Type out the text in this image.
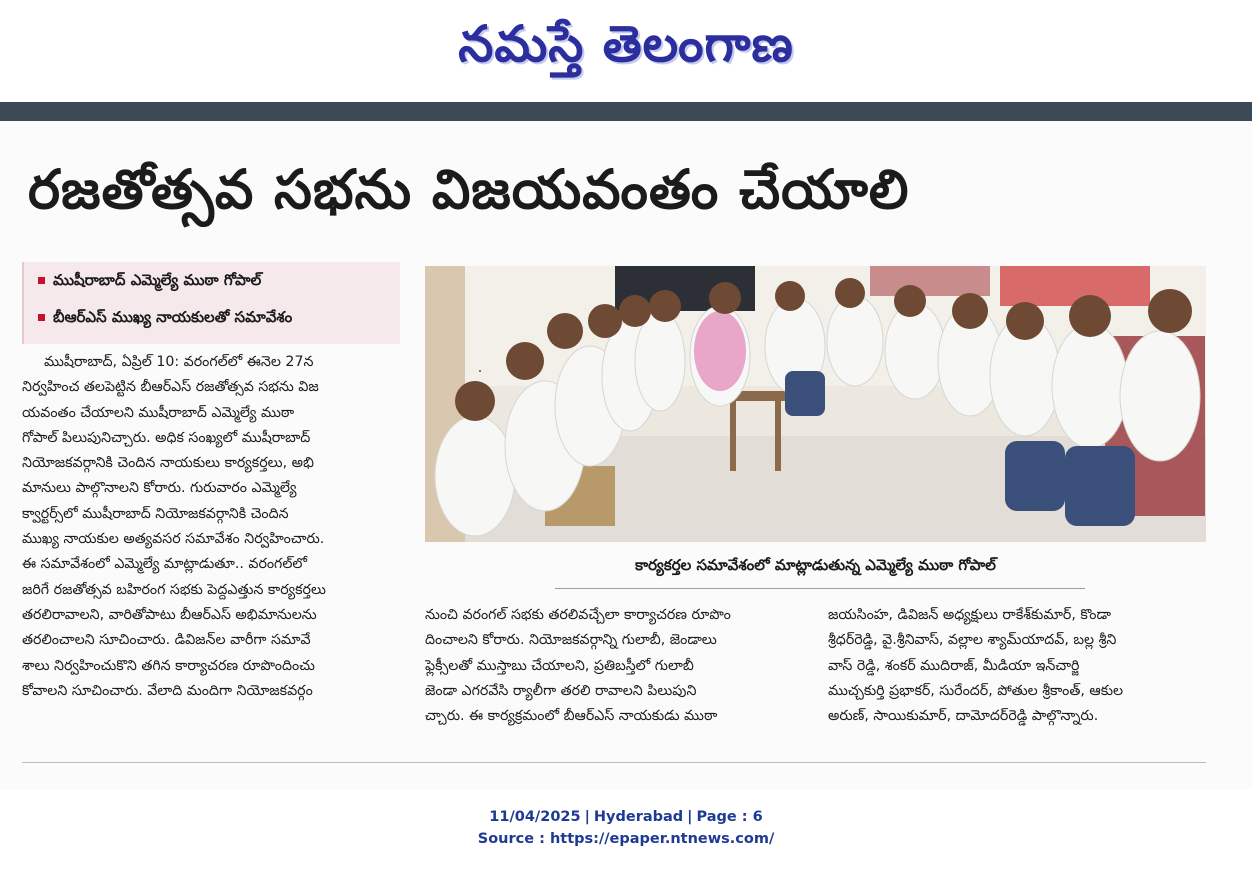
నమస్తే తెలంగాణ
రజతోత్సవ సభను విజయవంతం చేయాలి
ముషీరాబాద్ ఎమ్మెల్యే ముఠా గోపాల్
బీఆర్‌ఎస్ ముఖ్య నాయకులతో సమావేశం
ముషీరాబాద్, ఏప్రిల్ 10: వరంగల్‌లో ఈనెల 27న
నిర్వహించ తలపెట్టిన బీఆర్‌ఎస్ రజతోత్సవ సభను విజ
యవంతం చేయాలని ముషీరాబాద్ ఎమ్మెల్యే ముఠా
గోపాల్ పిలుపునిచ్చారు. అధిక సంఖ్యలో ముషీరాబాద్
నియోజకవర్గానికి చెందిన నాయకులు కార్యకర్తలు, అభి
మానులు పాల్గొనాలని కోరారు. గురువారం ఎమ్మెల్యే
క్వార్టర్స్‌లో ముషీరాబాద్ నియోజకవర్గానికి చెందిన
ముఖ్య నాయకుల అత్యవసర సమావేశం నిర్వహించారు.
ఈ సమావేశంలో ఎమ్మెల్యే మాట్లాడుతూ.. వరంగల్‌లో
జరిగే రజతోత్సవ బహిరంగ సభకు పెద్దఎత్తున కార్యకర్తలు
తరలిరావాలని, వారితోపాటు బీఆర్‌ఎస్ అభిమానులను
తరలించాలని సూచించారు. డివిజన్‌ల వారీగా సమావే
శాలు నిర్వహించుకొని తగిన కార్యాచరణ రూపొందించు
కోవాలని సూచించారు. వేలాది మందిగా నియోజకవర్గం
కార్యకర్తల సమావేశంలో మాట్లాడుతున్న ఎమ్మెల్యే ముఠా గోపాల్
నుంచి వరంగల్ సభకు తరలివచ్చేలా కార్యాచరణ రూపొం
దించాలని కోరారు. నియోజకవర్గాన్ని గులాబీ, జెండాలు
ఫ్లెక్సీలతో ముస్తాబు చేయాలని, ప్రతిబస్తీలో గులాబీ
జెండా ఎగరవేసి ర్యాలీగా తరలి రావాలని పిలుపుని
చ్చారు. ఈ కార్యక్రమంలో బీఆర్‌ఎస్ నాయకుడు ముఠా
జయసింహ, డివిజన్ అధ్యక్షులు రాకేశ్‌కుమార్, కొండా
శ్రీధర్‌రెడ్డి, వై.శ్రీనివాస్, వల్లాల శ్యామ్‌యాదవ్, బల్ల శ్రీని
వాస్ రెడ్డి, శంకర్ ముదిరాజ్, మీడియా ఇన్‌చార్జి
ముచ్చకుర్తి ప్రభాకర్, సురేందర్, పోతుల శ్రీకాంత్, ఆకుల
అరుణ్, సాయికుమార్, దామోదర్‌రెడ్డి పాల్గొన్నారు.
11/04/2025 | Hyderabad | Page : 6
Source : https://epaper.ntnews.com/
